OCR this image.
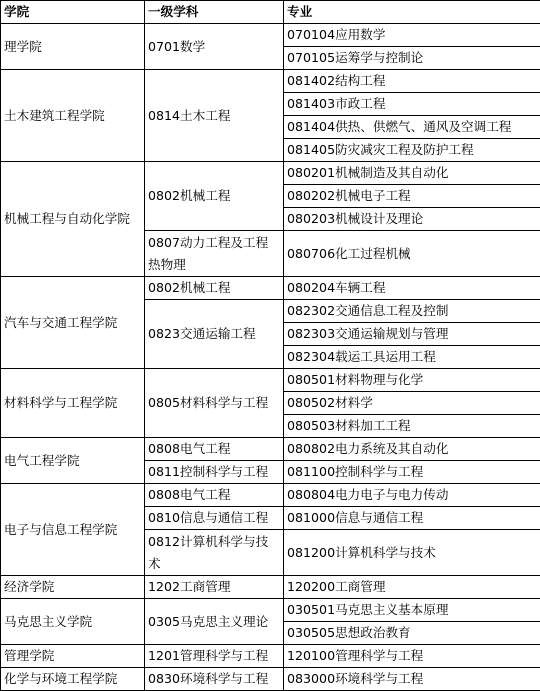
学院	一级学科	专业
理学院	0701数学	070104应用数学
		070105运筹学与控制论
土木建筑工程学院	0814土木工程	081402结构工程
		081403市政工程
		081404供热、供燃气、通风及空调工程
		081405防灾减灾工程及防护工程
机械工程与自动化学院	0802机械工程	080201机械制造及其自动化
		080202机械电子工程
		080203机械设计及理论
	0807动力工程及工程热物理	080706化工过程机械
汽车与交通工程学院	0802机械工程	080204车辆工程
	0823交通运输工程	082302交通信息工程及控制
		082303交通运输规划与管理
		082304载运工具运用工程
材料科学与工程学院	0805材料科学与工程	080501材料物理与化学
		080502材料学
		080503材料加工工程
电气工程学院	0808电气工程	080802电力系统及其自动化
	0811控制科学与工程	081100控制科学与工程
电子与信息工程学院	0808电气工程	080804电力电子与电力传动
	0810信息与通信工程	081000信息与通信工程
	0812计算机科学与技术	081200计算机科学与技术
经济学院	1202工商管理	120200工商管理
马克思主义学院	0305马克思主义理论	030501马克思主义基本原理
		030505思想政治教育
管理学院	1201管理科学与工程	120100管理科学与工程
化学与环境工程学院	0830环境科学与工程	083000环境科学与工程
